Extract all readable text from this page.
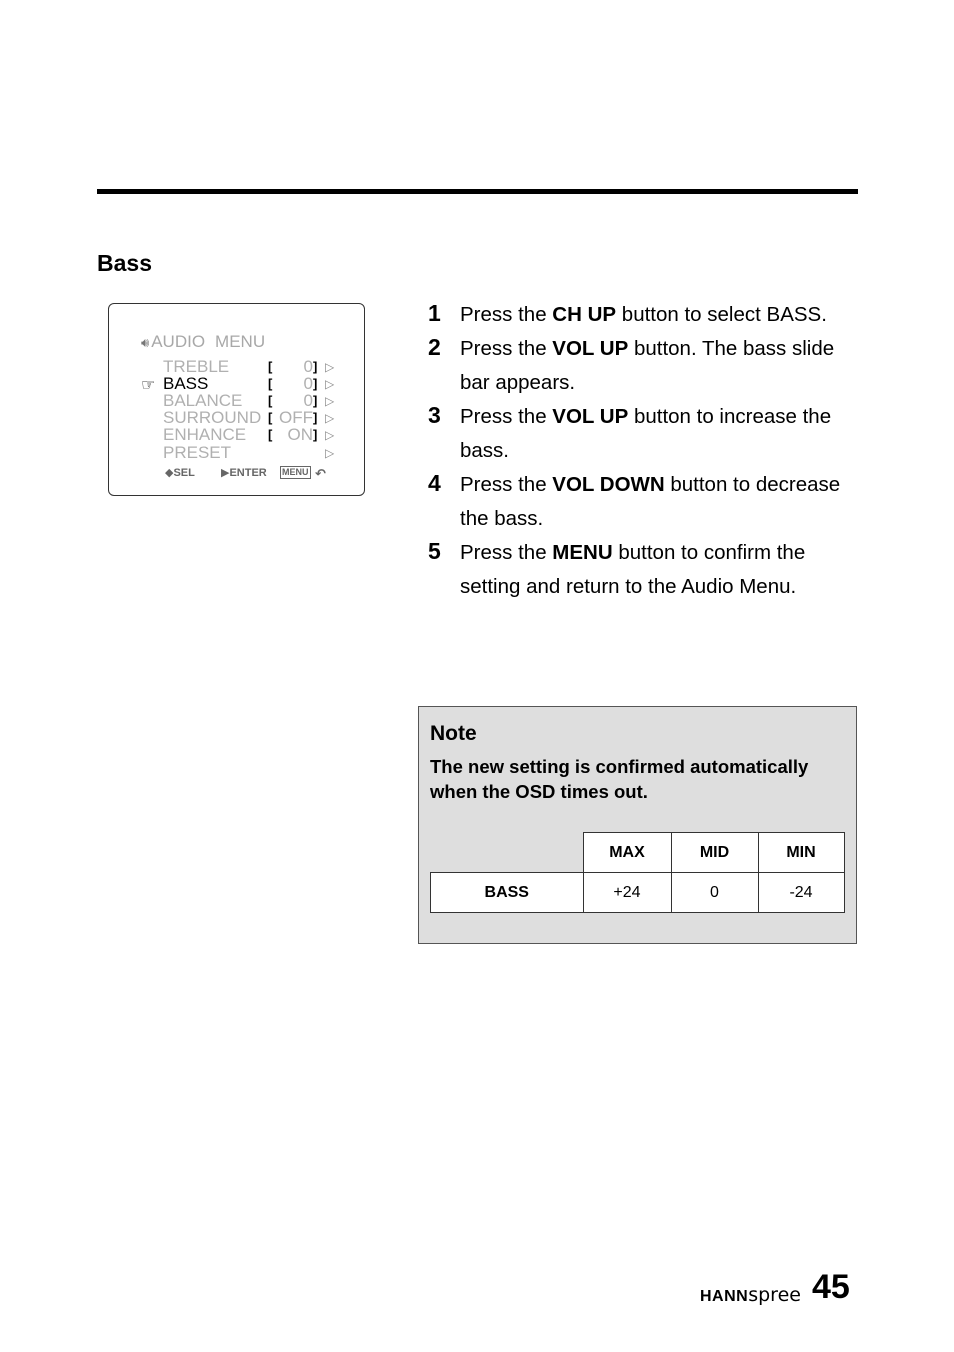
Bass
🔊︎ AUDIO MENU
☞
TREBLE	[ 0 ] ▷
BASS	[ 0 ] ▷
BALANCE [ 0 ] ▷
SURROUND [ OFF ] ▷
ENHANCE [ ON ] ▷
PRESET	▷
◆SEL ▶ENTER MENU ↶
1 Press the CH UP button to select BASS.
2 Press the VOL UP button. The bass slide bar appears.
3 Press the VOL UP button to increase the bass.
4 Press the VOL DOWN button to decrease the bass.
5 Press the MENU button to confirm the setting and return to the Audio Menu.
Note
The new setting is confirmed automatically when the OSD times out.
	MAX	MID	MIN
BASS	+24	0	-24
HANNspree 45
